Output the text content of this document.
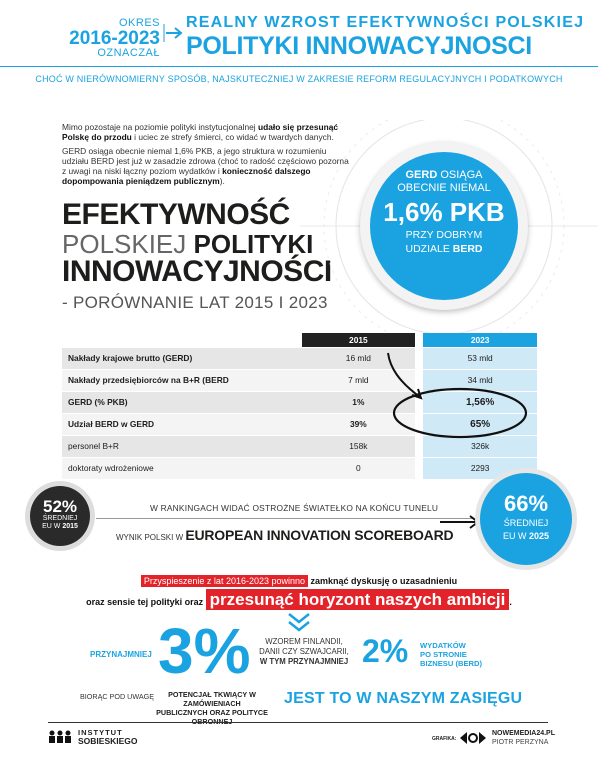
OKRES
2016-2023
OZNACZAŁ
REALNY WZROST EFEKTYWNOŚCI POLSKIEJ
POLITYKI INNOWACYJNOSCI
CHOĆ W NIERÓWNOMIERNY SPOSÓB, NAJSKUTECZNIEJ W ZAKRESIE REFORM REGULACYJNYCH I PODATKOWYCH
Mimo pozostaje na poziomie polityki instytucjonalnej udało się przesunąć Polskę do przodu i uciec ze strefy śmierci, co widać w twardych danych.
GERD osiąga obecnie niemal 1,6% PKB, a jego struktura w rozumieniu udziału BERD jest już w zasadzie zdrowa (choć to radość częściowo pozorna z uwagi na niski łączny poziom wydatków i konieczność dalszego dopompowania pieniądzem publicznym).
EFEKTYWNOŚĆ
POLSKIEJ POLITYKI
INNOWACYJNOŚCI
- PORÓWNANIE LAT 2015 I 2023
GERD OSIĄGA
OBECNIE NIEMAL
1,6% PKB
PRZY DOBRYM
UDZIALE BERD
	2015		2023
Nakłady krajowe brutto (GERD)	16 mld		53 mld
Nakłady przedsiębiorców na B+R (BERD	7 mld		34 mld
GERD (% PKB)	1%		1,56%
Udział BERD w GERD	39%		65%
personel B+R	158k		326k
doktoraty wdrożeniowe	0		2293
52%
ŚREDNIEJ
EU W 2015
W RANKINGACH WIDAĆ OSTROŻNE ŚWIATEŁKO NA KOŃCU TUNELU
WYNIK POLSKI W EUROPEAN INNOVATION SCOREBOARD
66%
ŚREDNIEJ
EU W 2025
Przyspieszenie z lat 2016-2023 powinno zamknąć dyskusję o uzasadnieniu
oraz sensie tej polityki oraz przesunąć horyzont naszych ambicji .
PRZYNAJMNIEJ 3%	WZOREM FINLANDII,
DANII CZY SZWAJCARII,
W TYM PRZYNAJMNIEJ 2% WYDATKÓW
PO STRONIE
BIZNESU (BERD)
BIORĄC POD UWAGĘ	POTENCJAŁ TKWIĄCY W ZAMÓWIENIACH
PUBLICZNYCH ORAZ POLITYCE
JEST TO W NASZYM ZASIĘGU
INSTYTUT
SOBIESKIEGO	GRAFIKA:
NOWEMEDIA24.PL
PIOTR PERZYNA
